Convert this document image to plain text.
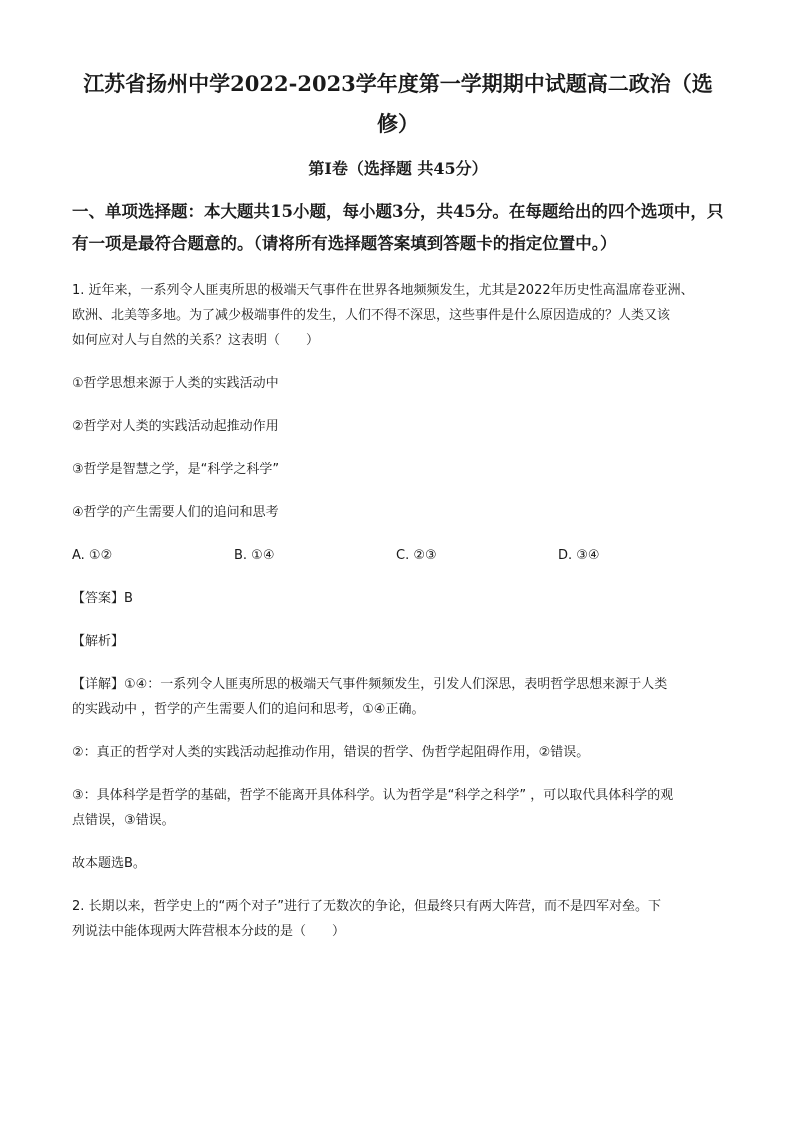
江苏省扬州中学2022-2023学年度第一学期期中试题高二政治（选
修）
第Ⅰ卷（选择题 共45分）
一、单项选择题：本大题共15小题，每小题3分，共45分。在每题给出的四个选项中，只
有一项是最符合题意的。（请将所有选择题答案填到答题卡的指定位置中。）
1. 近年来，一系列令人匪夷所思的极端天气事件在世界各地频频发生，尤其是2022年历史性高温席卷亚洲、
欧洲、北美等多地。为了减少极端事件的发生，人们不得不深思，这些事件是什么原因造成的？人类又该
如何应对人与自然的关系？这表明（　　）
①哲学思想来源于人类的实践活动中
②哲学对人类的实践活动起推动作用
③哲学是智慧之学，是“科学之科学”
④哲学的产生需要人们的追问和思考
A. ①②	B. ①④	C. ②③	D. ③④
【答案】B
【解析】
【详解】①④：一系列令人匪夷所思的极端天气事件频频发生，引发人们深思，表明哲学思想来源于人类
的实践动中 ，哲学的产生需要人们的追问和思考，①④正确。
②：真正的哲学对人类的实践活动起推动作用，错误的哲学、伪哲学起阻碍作用，②错误。
③：具体科学是哲学的基础，哲学不能离开具体科学。认为哲学是“科学之科学” ，可以取代具体科学的观
点错误，③错误。
故本题选B。
2. 长期以来，哲学史上的“两个对子”进行了无数次的争论，但最终只有两大阵营，而不是四军对垒。下
列说法中能体现两大阵营根本分歧的是（　　）
